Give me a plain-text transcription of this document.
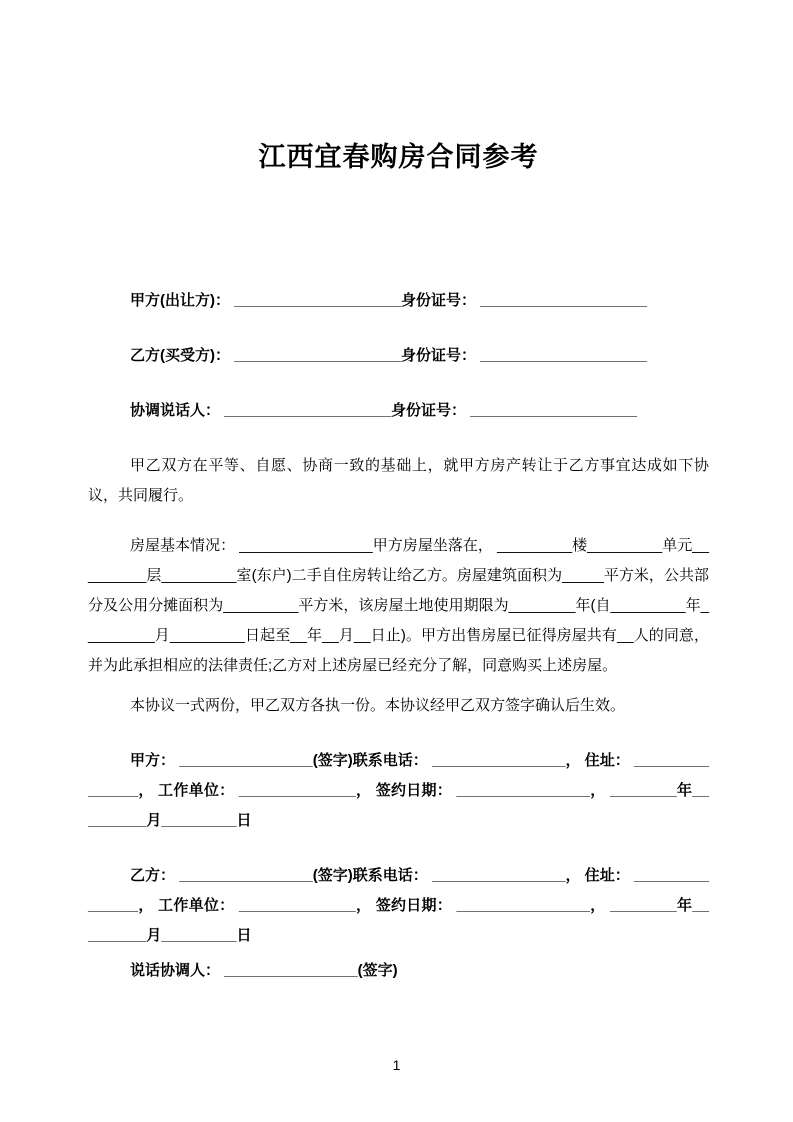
江西宜春购房合同参考

甲方(出让方)： ____________________身份证号： ____________________

乙方(买受方)： ____________________身份证号： ____________________

协调说话人： ____________________身份证号： ____________________

甲乙双方在平等、自愿、协商一致的基础上，就甲方房产转让于乙方事宜达成如下协议，共同履行。

房屋基本情况： ________________甲方房屋坐落在， _________楼_________单元_________层_________室(东户)二手自住房转让给乙方。房屋建筑面积为_____平方米，公共部分及公用分摊面积为_________平方米，该房屋土地使用期限为________年(自_________年_________月_________日起至__年__月__日止)。甲方出售房屋已征得房屋共有__人的同意，并为此承担相应的法律责任;乙方对上述房屋已经充分了解，同意购买上述房屋。

本协议一式两份，甲乙双方各执一份。本协议经甲乙双方签字确认后生效。

甲方： ________________(签字)联系电话： ________________， 住址： _______________， 工作单位： ______________， 签约日期： ________________， ________年_________月_________日

乙方： ________________(签字)联系电话： ________________， 住址： _______________， 工作单位： ______________， 签约日期： ________________， ________年_________月_________日

说话协调人： ________________(签字)

1
